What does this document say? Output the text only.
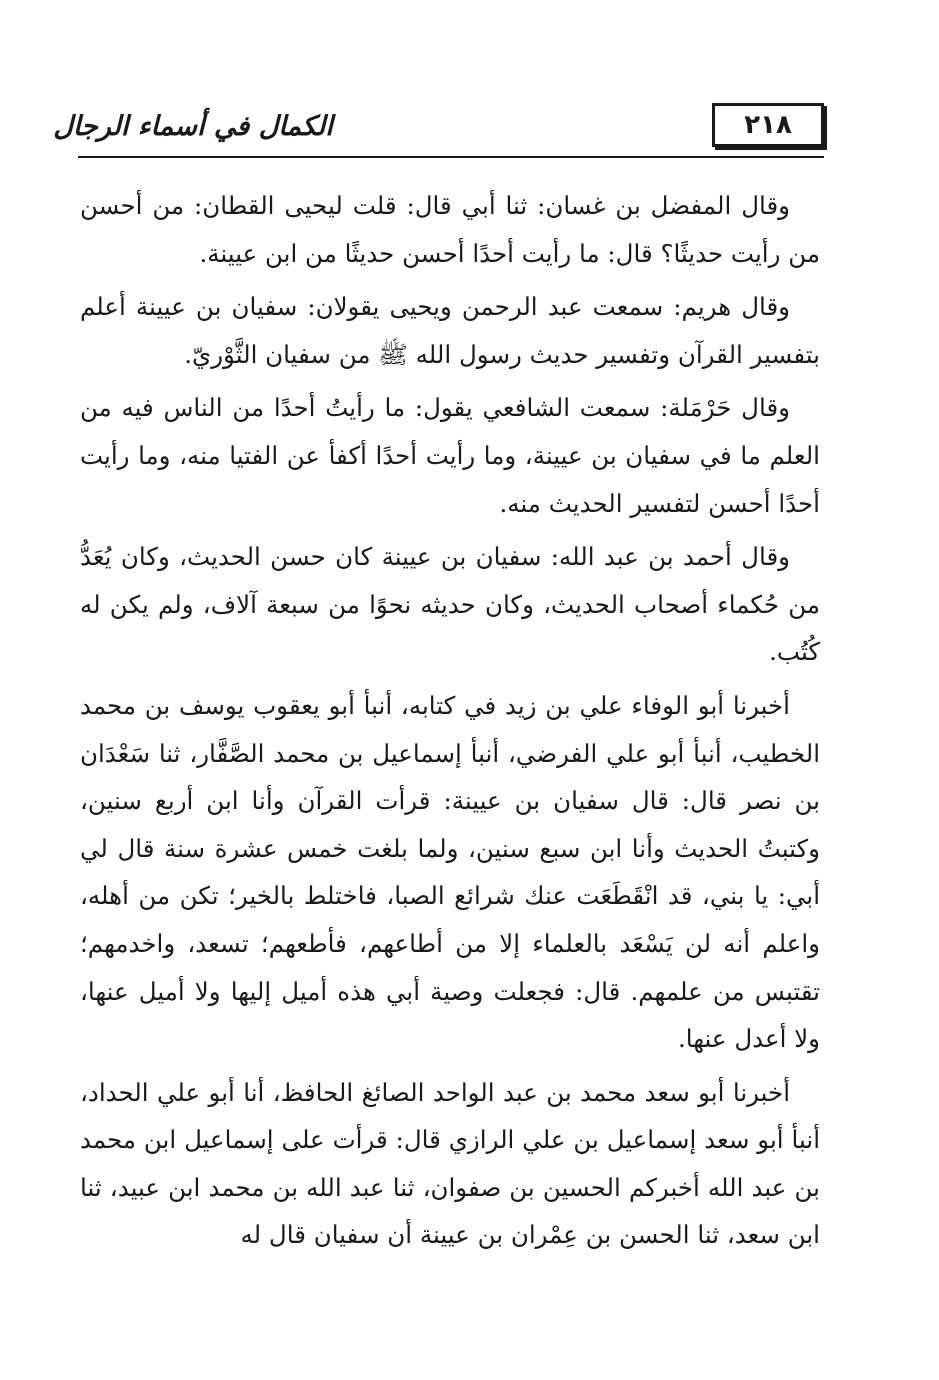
٢١٨
الكمال في أسماء الرجال

وقال المفضل بن غسان: ثنا أبي قال: قلت ليحيى القطان: من أحسن من رأيت حديثًا؟ قال: ما رأيت أحدًا أحسن حديثًا من ابن عيينة.

وقال هريم: سمعت عبد الرحمن ويحيى يقولان: سفيان بن عيينة أعلم بتفسير القرآن وتفسير حديث رسول الله ﷺ من سفيان الثَّوْريّ.

وقال حَرْمَلة: سمعت الشافعي يقول: ما رأيتُ أحدًا من الناس فيه من العلم ما في سفيان بن عيينة، وما رأيت أحدًا أكفأ عن الفتيا منه، وما رأيت أحدًا أحسن لتفسير الحديث منه.

وقال أحمد بن عبد الله: سفيان بن عيينة كان حسن الحديث، وكان يُعَدُّ من حُكماء أصحاب الحديث، وكان حديثه نحوًا من سبعة آلاف، ولم يكن له كُتُب.

أخبرنا أبو الوفاء علي بن زيد في كتابه، أنبأ أبو يعقوب يوسف بن محمد الخطيب، أنبأ أبو علي الفرضي، أنبأ إسماعيل بن محمد الصَّفَّار، ثنا سَعْدَان بن نصر قال: قال سفيان بن عيينة: قرأت القرآن وأنا ابن أربع سنين، وكتبتُ الحديث وأنا ابن سبع سنين، ولما بلغت خمس عشرة سنة قال لي أبي: يا بني، قد انْقَطَعَت عنك شرائع الصبا، فاختلط بالخير؛ تكن من أهله، واعلم أنه لن يَسْعَد بالعلماء إلا من أطاعهم، فأطعهم؛ تسعد، واخدمهم؛ تقتبس من علمهم. قال: فجعلت وصية أبي هذه أميل إليها ولا أميل عنها، ولا أعدل عنها.

أخبرنا أبو سعد محمد بن عبد الواحد الصائغ الحافظ، أنا أبو علي الحداد، أنبأ أبو سعد إسماعيل بن علي الرازي قال: قرأت على إسماعيل ابن محمد بن عبد الله أخبركم الحسين بن صفوان، ثنا عبد الله بن محمد ابن عبيد، ثنا ابن سعد، ثنا الحسن بن عِمْران بن عيينة أن سفيان قال له
